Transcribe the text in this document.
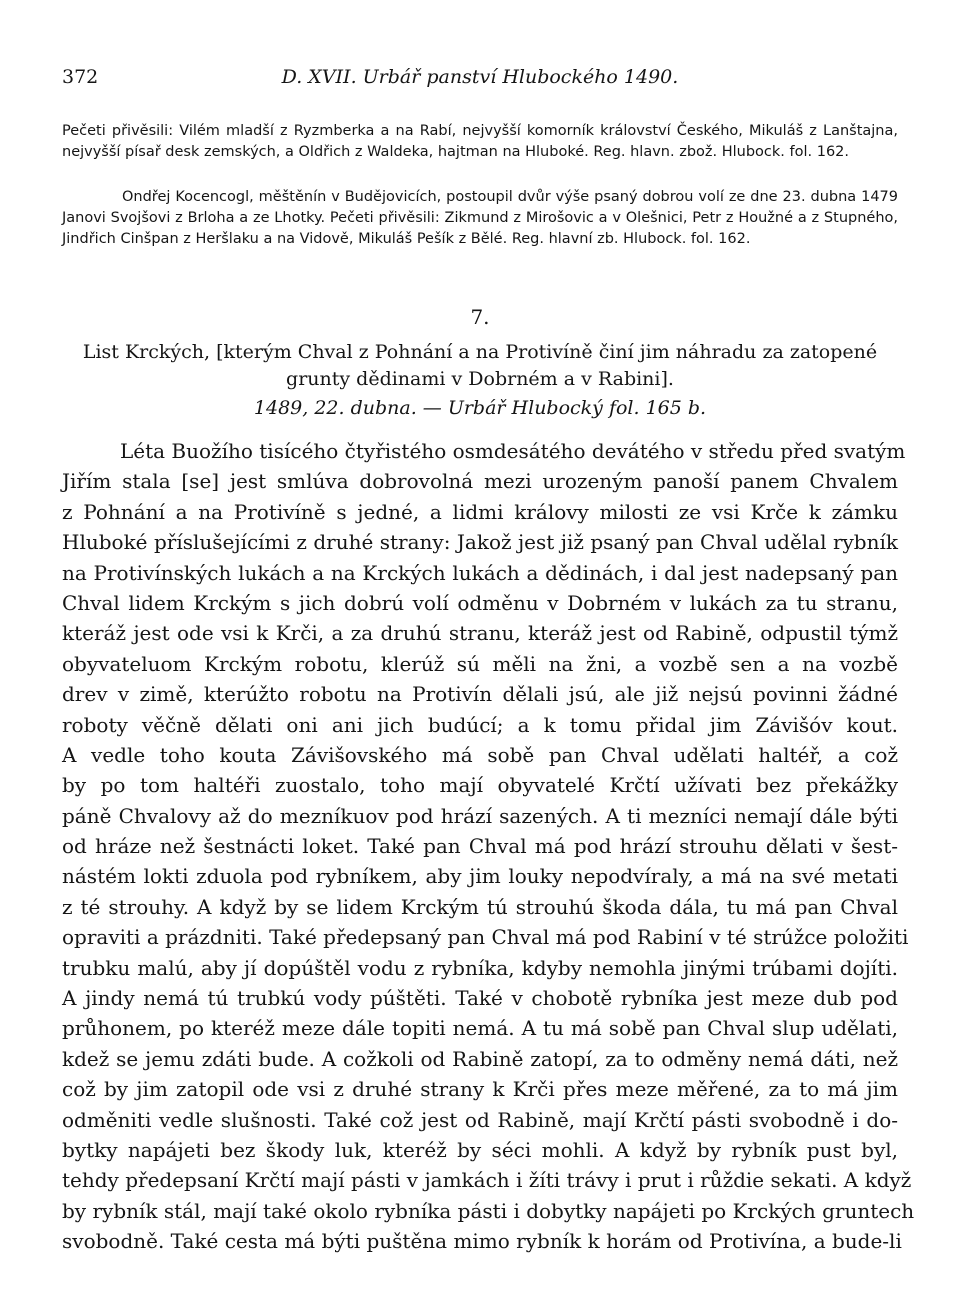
372	D. XVII. Urbář panství Hlubockého 1490.

Pečeti přivěsili: Vilém mladší z Ryzmberka a na Rabí, nejvyšší komorník království Českého, Mikuláš z Lanštajna, nejvyšší písař desk zemských, a Oldřich z Waldeka, hajtman na Hluboké. Reg. hlavn. zbož. Hlubock. fol. 162.

Ondřej Kocencogl, měštěnín v Budějovicích, postoupil dvůr výše psaný dobrou volí ze dne 23. dubna 1479 Janovi Svojšovi z Brloha a ze Lhotky. Pečeti přivěsili: Zikmund z Mirošovic a v Olešnici, Petr z Houžné a z Stupného, Jindřich Cinšpan z Heršlaku a na Vidově, Mikuláš Pešík z Bělé. Reg. hlavní zb. Hlubock. fol. 162.

7.
List Krckých, [kterým Chval z Pohnání a na Protivíně činí jim náhradu za zatopené grunty dědinami v Dobrném a v Rabini].
1489, 22. dubna. — Urbář Hlubocký fol. 165 b.
Léta Buožího tisícého čtyřistého osmdesátého devátého v středu před svatým
Jiřím stala [se] jest smlúva dobrovolná mezi urozeným panoší panem Chvalem
z Pohnání a na Protivíně s jedné, a lidmi královy milosti ze vsi Krče k zámku
Hluboké příslušejícími z druhé strany: Jakož jest již psaný pan Chval udělal rybník
na Protivínských lukách a na Krckých lukách a dědinách, i dal jest nadepsaný pan
Chval lidem Krckým s jich dobrú volí odměnu v Dobrném v lukách za tu stranu,
kteráž jest ode vsi k Krči, a za druhú stranu, kteráž jest od Rabině, odpustil týmž
obyvateluom Krckým robotu, klerúž sú měli na žni, a vozbě sen a na vozbě
drev v zimě, kterúžto robotu na Protivín dělali jsú, ale již nejsú povinni žádné
roboty věčně dělati oni ani jich budúcí; a k tomu přidal jim Závišóv kout.
A vedle toho kouta Závišovského má sobě pan Chval udělati haltéř, a což
by po tom haltéři zuostalo, toho mají obyvatelé Krčtí užívati bez překážky
páně Chvalovy až do mezníkuov pod hrází sazených. A ti mezníci nemají dále býti
od hráze než šestnácti loket. Také pan Chval má pod hrází strouhu dělati v šest-
nástém lokti zduola pod rybníkem, aby jim louky nepodvíraly, a má na své metati
z té strouhy. A když by se lidem Krckým tú strouhú škoda dála, tu má pan Chval
opraviti a prázdniti. Také předepsaný pan Chval má pod Rabiní v té strúžce položiti
trubku malú, aby jí dopúštěl vodu z rybníka, kdyby nemohla jinými trúbami dojíti.
A jindy nemá tú trubkú vody púštěti. Také v chobotě rybníka jest meze dub pod
průhonem, po kteréž meze dále topiti nemá. A tu má sobě pan Chval slup udělati,
kdež se jemu zdáti bude. A cožkoli od Rabině zatopí, za to odměny nemá dáti, než
což by jim zatopil ode vsi z druhé strany k Krči přes meze měřené, za to má jim
odměniti vedle slušnosti. Také což jest od Rabině, mají Krčtí pásti svobodně i do-
bytky napájeti bez škody luk, kteréž by séci mohli. A když by rybník pust byl,
tehdy předepsaní Krčtí mají pásti v jamkách i žíti trávy i prut i růždie sekati. A když
by rybník stál, mají také okolo rybníka pásti i dobytky napájeti po Krckých gruntech
svobodně. Také cesta má býti puštěna mimo rybník k horám od Protivína, a bude-li
